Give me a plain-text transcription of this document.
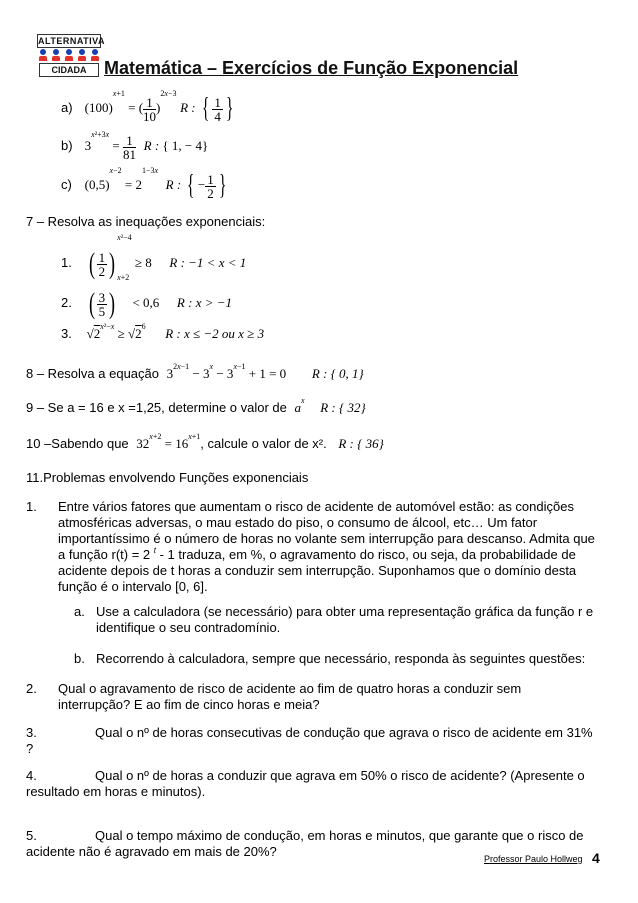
ALTERNATIVA
CIDADA Matemática – Exercícios de Função Exponencial
a) $(100)^{x+1}$ = ( $\frac{1}{10} )^{2x-3}$ R : { $\frac{1}{4}$ }
b) $3^{x^2+3x} = \frac{1}{81}$ R : { 1, − 4}
c) $(0,5)^{x-2} = 2^{1-3x}$ R : { − $\frac{1}{2}$ }
7 – Resolva as inequações exponenciais:
1. ( $\frac{1}{2} )^{x^2-4} \ge 8$ R : −1 < x < 1
2. ( $\frac{3}{5} )^{x+2} < 0,6$ R : x > −1
3. $√2^{x^2-x} \ge √2^6$ R : x ≤ −2 ou x ≥ 3
8 – Resolva a equação $3^{2x-1} - 3^x - 3^{x-1} + 1 = 0$ R : { 0, 1}
9 – Se a = 16 e x =1,25, determine o valor de $a^x$ R : { 32}
10 –Sabendo que $32^{x+2} = 16^{x+1}$, calcule o valor de x². R : { 36}
11.Problemas envolvendo Funções exponenciais
1. Entre vários fatores que aumentam o risco de acidente de automóvel estão: as condições atmosféricas adversas, o mau estado do piso, o consumo de álcool, etc… Um fator importantíssimo é o número de horas no volante sem interrupção para descanso. Admita que a função r(t) = 2 $^t$ - 1 traduza, em %, o agravamento do risco, ou seja, da probabilidade de acidente depois de t horas a conduzir sem interrupção. Suponhamos que o domínio desta função é o intervalo [0, 6].
a. Use a calculadora (se necessário) para obter uma representação gráfica da função r e identifique o seu contradomínio.
b. Recorrendo à calculadora, sempre que necessário, responda às seguintes questões:
2. Qual o agravamento de risco de acidente ao fim de quatro horas a conduzir sem interrupção? E ao fim de cinco horas e meia?
3.	Qual o nº de horas consecutivas de condução que agrava o risco de acidente em 31% ?
4.	Qual o nº de horas a conduzir que agrava em 50% o risco de acidente? (Apresente o resultado em horas e minutos).
5.	Qual o tempo máximo de condução, em horas e minutos, que garante que o risco de acidente não é agravado em mais de 20%?	Professor Paulo Hollweg 4
